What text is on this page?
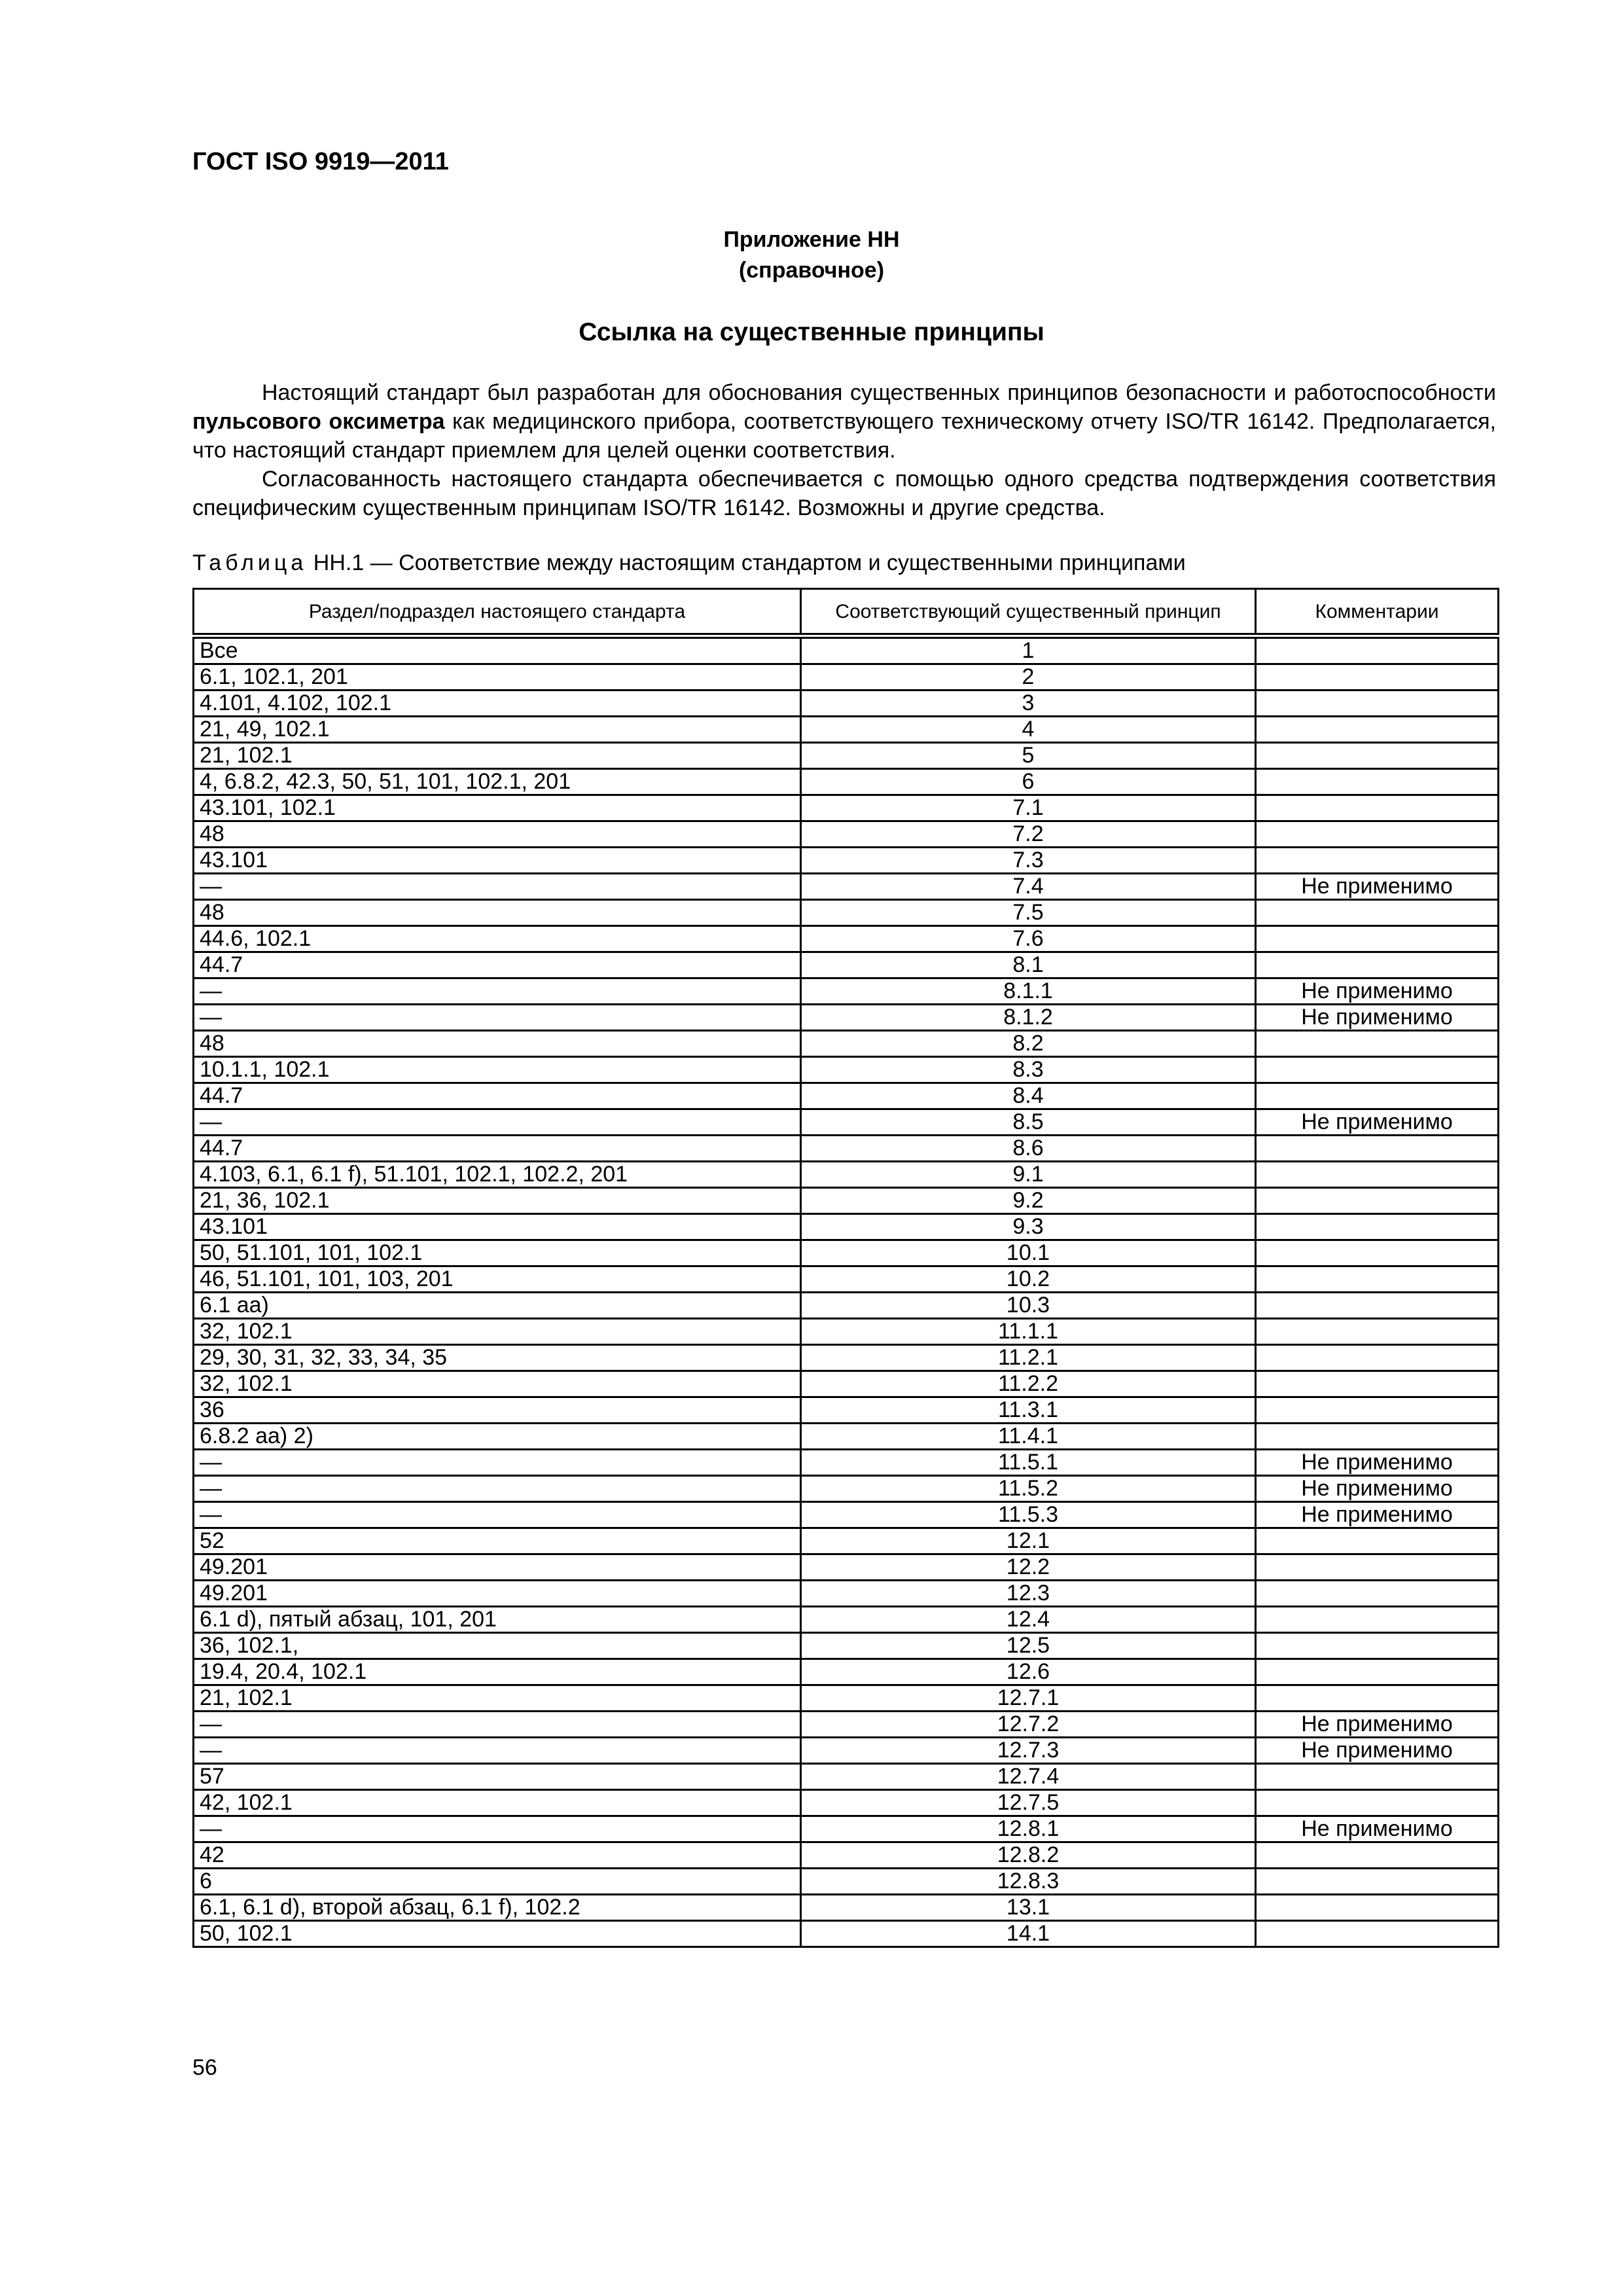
ГОСТ ISO 9919—2011
Приложение НН
(справочное)
Ссылка на существенные принципы

Настоящий стандарт был разработан для обоснования существенных принципов безопасности и работоспособности пульсового оксиметра как медицинского прибора, соответствующего техническому отчету ISO/TR 16142. Предполагается, что настоящий стандарт приемлем для целей оценки соответствия.

Согласованность настоящего стандарта обеспечивается с помощью одного средства подтверждения соответствия специфическим существенным принципам ISO/TR 16142. Возможны и другие средства.

Таблица НН.1 — Соответствие между настоящим стандартом и существенными принципами
Раздел/подраздел настоящего стандарта	Соответствующий существенный принцип	Комментарии
Все	1	
6.1, 102.1, 201	2	
4.101, 4.102, 102.1	3	
21, 49, 102.1	4	
21, 102.1	5	
4, 6.8.2, 42.3, 50, 51, 101, 102.1, 201	6	
43.101, 102.1	7.1	
48	7.2	
43.101	7.3	
—	7.4	Не применимо
48	7.5	
44.6, 102.1	7.6	
44.7	8.1	
—	8.1.1	Не применимо
—	8.1.2	Не применимо
48	8.2	
10.1.1, 102.1	8.3	
44.7	8.4	
—	8.5	Не применимо
44.7	8.6	
4.103, 6.1, 6.1 f), 51.101, 102.1, 102.2, 201	9.1	
21, 36, 102.1	9.2	
43.101	9.3	
50, 51.101, 101, 102.1	10.1	
46, 51.101, 101, 103, 201	10.2	
6.1 aa)	10.3	
32, 102.1	11.1.1	
29, 30, 31, 32, 33, 34, 35	11.2.1	
32, 102.1	11.2.2	
36	11.3.1	
6.8.2 aa) 2)	11.4.1	
—	11.5.1	Не применимо
—	11.5.2	Не применимо
—	11.5.3	Не применимо
52	12.1	
49.201	12.2	
49.201	12.3	
6.1 d), пятый абзац, 101, 201	12.4	
36, 102.1,	12.5	
19.4, 20.4, 102.1	12.6	
21, 102.1	12.7.1	
—	12.7.2	Не применимо
—	12.7.3	Не применимо
57	12.7.4	
42, 102.1	12.7.5	
—	12.8.1	Не применимо
42	12.8.2	
6	12.8.3	
6.1, 6.1 d), второй абзац, 6.1 f), 102.2	13.1	
50, 102.1	14.1	
56
